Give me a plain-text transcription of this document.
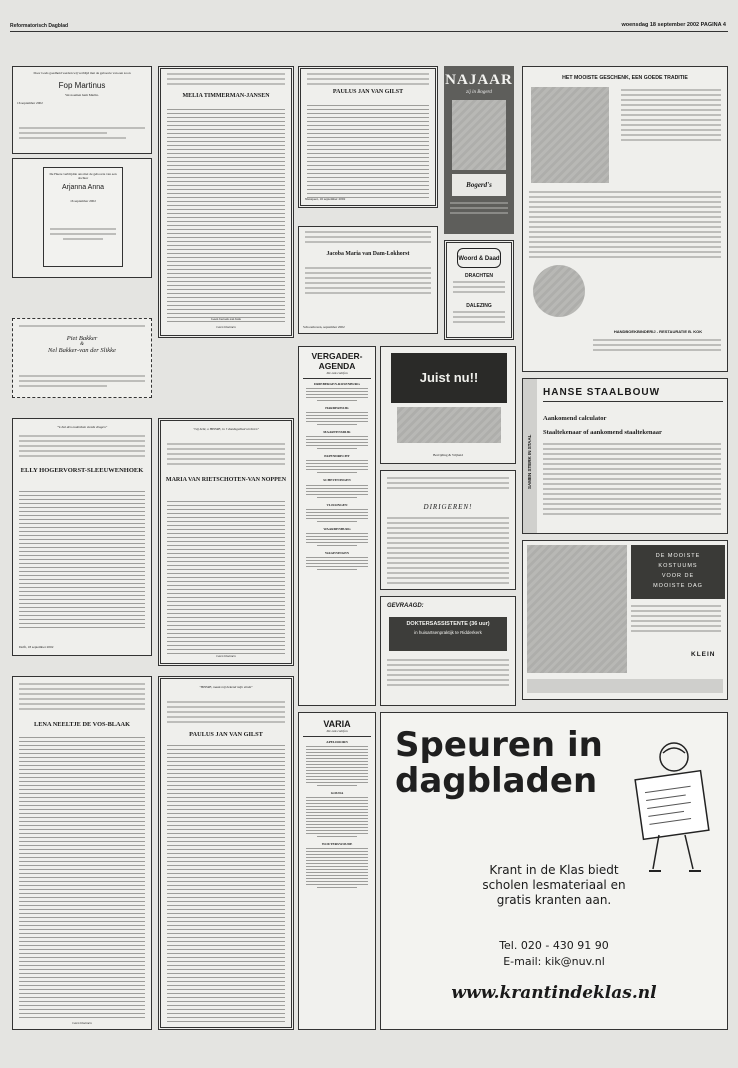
Reformatorisch Dagblad	woensdag 18 september 2002 PAGINA 4
Door Gods goedheid werden wij verblijd met de geboorte van een zoon
Fop Martinus
We noemen hem Martin.
16 september 2002
De Heere verblijdde ons met de geboorte van een dochter
Arjanna Anna
16 september 2002
Piet Bakker
&
Nel Bakker-van der Slikke
"'k Zal den ouderdom steeds dragen"
ELLY HOGERVORST-SLEEUWENHOEK
Delft, 18 september 2002
LENA NEELTJE DE VOS-BLAAK
Geen bloemen
MELIA TIMMERMAN-JANSEN
Geen bezoek aan huis
Geen bloemen
"Gij hebt, o HEERE, in 't doodsgebied verloren"
MARIA VAN RIETSCHOTEN-VAN NOPPEN
Geen bloemen
"HEERE, maak mij bekend mijn einde"
PAULUS JAN VAN GILST
PAULUS JAN VAN GILST
Nunspeet, 16 september 2002
Jacoba Maria van Dam-Lokhorst
Schoonhoven, september 2002
VERGADER-AGENDA
Zie ook colofon
DRIEBERGEN-RIJSENBURG
HARDERWIJK
MAARTENSDIJK
PAPENDRECHT
SCHEVENINGEN
VLISSINGEN
WAARDENBURG
WAGENINGEN
VARIA
Zie ook colofon
APELDOORN
GOUDA
WOUTERSWOUDE
NAJAAR
zij in Bogerd
Bogerd's
Woord & Daad
DRACHTEN
DALEZING
Juist nu!!
Bevrijding & Vrijheid
DIRIGEREN!
GEVRAAGD:
DOKTERSASSISTENTE (36 uur)
in huisartsenpraktijk te Ridderkerk
HET MOOISTE GESCHENK, EEN GOEDE TRADITIE
HANDBOEKBINDERIJ - RESTAURATIE B. KOK
SAMEN STERK IN STAAL
HANSE STAALBOUW
Aankomend calculator
Staaltekenaar of aankomend staaltekenaar
DE MOOISTE
KOSTUUMS
VOOR DE
MOOISTE DAG
KLEIN
Speuren in
dagbladen
Krant in de Klas biedt scholen lesmateriaal en gratis kranten aan.
Tel. 020 - 430 91 90
E-mail: kik@nuv.nl
www.krantindeklas.nl
